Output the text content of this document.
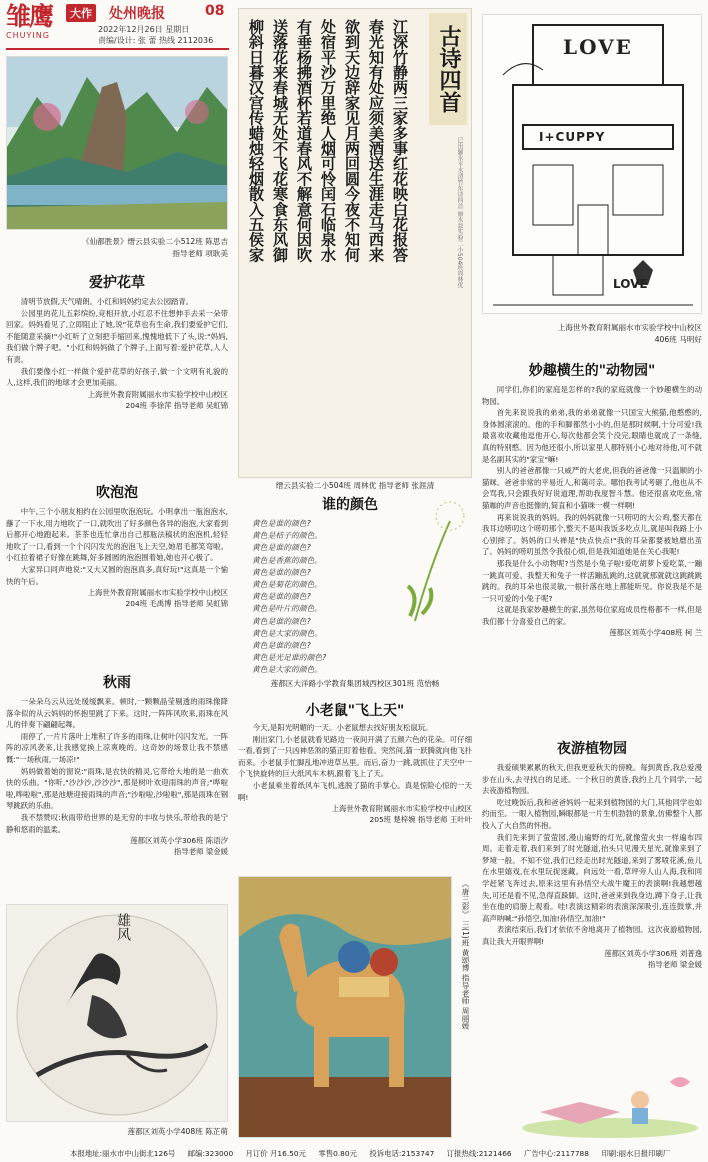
雏鹰
CHUYING
大作 处州晚报	08
2022年12月26日 星期日
责编/设计: 张 蕾 热线 2112036
《仙都胜景》缙云县实验二小512班 陈思吉
指导老师 项耿美
爱护花草

清明节放假,天气晴朗。小红和妈妈约定去公园踏青。

公园里的花儿五彩缤纷,竞相开放,小红忍不住想伸手去采一朵带回家。妈妈看见了,立即阻止了她,说"花草也有生命,我们要爱护它们,不能随意采摘!"小红听了立刻把手缩回来,愧愧地低下了头,说:"妈妈,我们做个牌子吧。"小红和妈妈做了个牌子,上面写着:爱护花草,人人有责。

我们要像小红一样做个爱护花草的好孩子,做一个文明有礼貌的人,这样,我们的地球才会更加美丽。

上海世外教育附属丽水市实验学校中山校区

204班 李徐萍 指导老师 吴虹锦

吹泡泡

中午,三个小朋友相约在公园里吹泡泡玩。小明拿出一瓶泡泡水,蘸了一下水,用力地吹了一口,就吹出了好多颜色各异的泡泡,大家看到后都开心地跑起来。茶茶也连忙拿出自己那瓶法稿状的泡泡机,轻轻地吹了一口,看到一个个闪闪发光的泡泡飞上天空,她眉毛都笑弯啦。小红拉着裙子好像在跳舞,好多圆圆的泡泡围着她,她也开心极了。

大家异口同声地说:"又大又圆的泡泡真多,真好玩!"这真是一个愉快的午后。

上海世外教育附属丽水市实验学校中山校区

204班 毛禹博 指导老师 吴虹锦

秋雨

一朵朵乌云从远处缓缓飘来。顿时,一颗颗晶莹剔透的雨珠像降落伞似的从云妈妈的怀抱里跳了下来。这时,一阵阵风吹来,雨珠在风儿的伴奏下翩翩起舞。

雨停了,一片片落叶上堆积了许多的雨珠,让树叶闪闪发光。一阵阵的凉风袭来,让我感觉换上凉爽晚的。这奇妙的场景让我不禁感慨:"一场秋雨,一场凉!"

妈妈做着她的窗说:"雨珠,是农快的精灵,它带给大地的是一曲欢快的乐曲。"你听,"沙沙沙,沙沙沙",那是树叶欢迎雨珠的声音;"哗啦啦,哗啦啦",那是池塘迎接雨珠的声音;"沙啦啦,沙啦啦",那是雨珠在钢琴跳跃的乐曲。

我不禁赞叹:秋雨带给世界的是无穷的丰收与快乐,带给我的是宁静和悠雨的温柔。

莲都区刘英小学306班 陈语汐

指导老师 梁金媛

雄风
莲都区刘英小学408班 陈芷萌
古诗四首
已出羅水平水清竹东诗四首 丽水县实验二小504班周林优
江深竹静两三家多事红花映白花报答
春光知有处应须美酒送生涯走马西来
欲到天边辞家见月两回圆今夜不知何
处宿平沙万里绝人烟可怜闰石临泉水
有垂杨拂酒杯若道春风不解意何因吹
送落花来春城无处不飞花寒食东风御
柳斜日暮汉宫传蜡烛轻烟散入五侯家
缙云县实验二小504班 周林优 指导老师 张涯清
谁的颜色
黄色是谁的颜色?
黄色是桔子的颜色。
黄色是谁的颜色?
黄色是香蕉的颜色。
黄色是谁的颜色?
黄色是菊花的颜色。
黄色是谁的颜色?
黄色是叶片的颜色。
黄色是谁的颜色?
黄色是大家的颜色。
黄色是谁的颜色?
黄色是光足谁的颜色?
黄色是大家的颜色。
莲都区大洋路小学教育集团城西校区301班 范怡畅
小老鼠"飞上天"

今天,是阳光明媚的一天。小老鼠想去找好朋友松鼠玩。

刚出家门,小老鼠就看见路边一夜间开满了五颜六色的花朵。可仔细一看,看到了一只凶神恶煞的猫正盯着他看。突然间,猫一跃腾就向他飞扑而来。小老鼠手忙脚乱地冲进草丛里。而后,奋力一跳,就抓住了天空中一个飞快旋转的巨大纸风车木柄,跟着飞上了天。

小老鼠乘坐着纸风车飞机,逃脱了猫的手掌心。真是惊险心惊的一天啊!

上海世外教育附属丽水市实验学校中山校区

205班 楚梓婉 指导老师 王叶叶

《唐三彩》 三(1)班 黄颂博 指导老师 周丽媛
LOVE
I+CUPPY
LOVE
上海世外教育附属丽水市实验学校中山校区
406班 马明好
妙趣横生的"动物园"

同学们,你们的家庭是怎样的?我的家庭就像一个妙趣横生的动物园。

首先来说说我的弟弟,我的弟弟就像一只国宝大熊猫,他憨憨的,身体圆滚滚的。他的手和脚都然小小的,但是那时候啊,十分可爱!我最喜欢收藏他逗他开心,每次他都会笑个没完,眼睛也就成了一条缝,真的特别憨。因为他还很小,所以家里人都特别小心地对待他,可不就是名副其实的"家宝"嘛!

别人的爸爸都像一只威严的大老虎,但我的爸爸像一只温顺的小猫咪。爸爸非常的平易近人,和蔼可亲。哪怕我考试考砸了,他也从不会骂我,只会跟我好好说道理,帮助我度智斗慧。他还很喜欢吃鱼,常猫咖的声音也挺像的,简直和小猫咪一模一样啊!

再来说说我的妈妈。我的妈妈就像一只唠叨的大公鸡,整天都在我耳边唠叨这个唠叨那个,整天不是叫我饭多吃点儿,就是叫我路上小心别摔了。妈妈的口头禅是"快点快点!"我的耳朵都要被她磨出茧了。妈妈的唠叨虽然令我很心烦,但是我知道她是在关心我呢!

那我是什么小动物呢?当然是小兔子啦!爱吃胡萝卜爱吃菜,一蹦一跳真可爱。我整天和兔子一样活蹦乱跳的,这就就那就就这跳跳跳跳的。我的耳朵也很灵敏,一根针落在地上都能听见。你说我是不是一只可爱的小兔子呢?

这就是我家妙趣横生的家,虽然每位家庭成员性格都不一样,但是我们都十分喜爱自己的家。

莲都区刘英小学408班 柯 兰

夜游植物园

我爱硕果累累的秋天,但我更爱秋天的傍晚。每到黄昏,我总爱漫步在山头,去寻找白的足迹。一个秋日的黄昏,我约上几个同学,一起去夜游植物园。

吃过晚饭后,我和爸爸妈妈一起来到植物园的大门,其他同学也如约而至。一眼入植物园,瞬眼都是一片生机勃勃的景象,仿佛整个人都投入了大自然的怀抱。

我们先来到了萤萤园,漫山遍野的灯光,就像萤火虫一样遍布四周。走着走着,我们来到了时光隧道,抬头只见漫天星光,就像来到了梦境一般。不知不觉,我们已经走出时光隧道,来到了雾喷花溪,鱼儿在水里嬉戏,在水里玩捉迷藏。向远处一看,草坪旁人山人海,我和同学赶紧飞奔过去,原来这里有孙悟空大战牛魔王的表演啊!我越想越失,可还是看不见,急得直跺脚。这时,爸爸来到我身边,蹲下身子,让我坐在他的肩膀上观看。哇!表演这精彩的表演深深吸引,连连鼓掌,并高声呐喊:"孙悟空,加油!孙悟空,加油!"

表演结束后,我们才依依不舍地离开了植物园。这次夜游植物园,真让我大开眼界啊!

莲都区刘英小学306班 刘普逸

指导老师 梁金媛

本报地址:丽水市中山街北126号 邮编:323000 月订价 月16.50元 零售0.80元 投诉电话:2153747 订报热线:2121466 广告中心:2117788 印刷:丽水日报印刷厂
